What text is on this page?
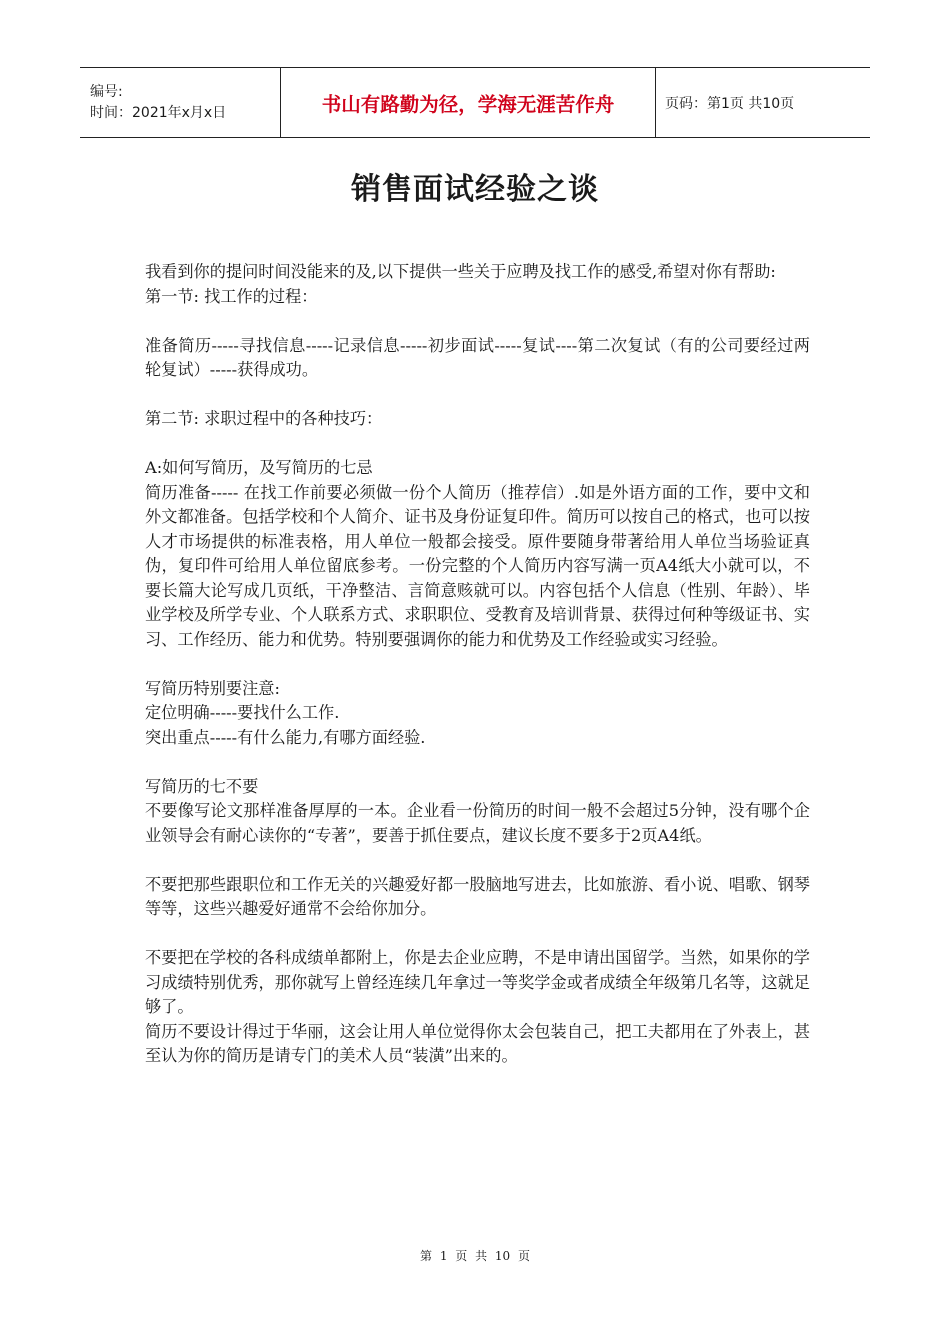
编号:
时间：2021年x月x日	书山有路勤为径，学海无涯苦作舟	页码：第1页 共10页
销售面试经验之谈

我看到你的提问时间没能来的及,以下提供一些关于应聘及找工作的感受,希望对你有帮助:

第一节: 找工作的过程：

准备简历-----寻找信息-----记录信息-----初步面试-----复试----第二次复试（有的公司要经过两轮复试）-----获得成功。

第二节: 求职过程中的各种技巧：

A:如何写简历，及写简历的七忌

简历准备----- 在找工作前要必须做一份个人简历（推荐信）.如是外语方面的工作，要中文和外文都准备。包括学校和个人简介、证书及身份证复印件。简历可以按自己的格式，也可以按人才市场提供的标准表格，用人单位一般都会接受。原件要随身带著给用人单位当场验证真伪，复印件可给用人单位留底参考。一份完整的个人简历内容写满一页A4纸大小就可以，不要长篇大论写成几页纸，干净整洁、言简意赅就可以。内容包括个人信息（性别、年龄）、毕业学校及所学专业、个人联系方式、求职职位、受教育及培训背景、获得过何种等级证书、实习、工作经历、能力和优势。特别要强调你的能力和优势及工作经验或实习经验。

写简历特别要注意:

定位明确-----要找什么工作.

突出重点-----有什么能力,有哪方面经验.

写简历的七不要

不要像写论文那样准备厚厚的一本。企业看一份简历的时间一般不会超过5分钟，没有哪个企业领导会有耐心读你的“专著”，要善于抓住要点，建议长度不要多于2页A4纸。

不要把那些跟职位和工作无关的兴趣爱好都一股脑地写进去，比如旅游、看小说、唱歌、钢琴等等，这些兴趣爱好通常不会给你加分。

不要把在学校的各科成绩单都附上，你是去企业应聘，不是申请出国留学。当然，如果你的学习成绩特别优秀，那你就写上曾经连续几年拿过一等奖学金或者成绩全年级第几名等，这就足够了。

简历不要设计得过于华丽，这会让用人单位觉得你太会包装自己，把工夫都用在了外表上，甚至认为你的简历是请专门的美术人员“装潢”出来的。

第 1 页 共 10 页
